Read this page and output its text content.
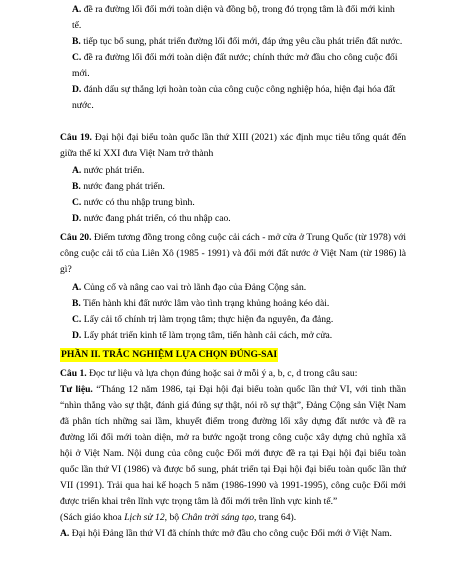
A. đề ra đường lối đổi mới toàn diện và đồng bộ, trong đó trọng tâm là đổi mới kinh tế.

B. tiếp tục bổ sung, phát triển đường lối đổi mới, đáp ứng yêu cầu phát triển đất nước.

C. đề ra đường lối đổi mới toàn diện đất nước; chính thức mở đầu cho công cuộc đổi mới.

D. đánh dấu sự thắng lợi hoàn toàn của công cuộc công nghiệp hóa, hiện đại hóa đất nước.

Câu 19. Đại hội đại biểu toàn quốc lần thứ XIII (2021) xác định mục tiêu tổng quát đến giữa thế kỉ XXI đưa Việt Nam trở thành

A. nước phát triển.

B. nước đang phát triển.

C. nước có thu nhập trung bình.

D. nước đang phát triển, có thu nhập cao.

Câu 20. Điểm tương đồng trong công cuộc cải cách - mở cửa ở Trung Quốc (từ 1978) với công cuộc cải tổ của Liên Xô (1985 - 1991) và đổi mới đất nước ở Việt Nam (từ 1986) là gì?

A. Củng cố và nâng cao vai trò lãnh đạo của Đảng Cộng sản.

B. Tiến hành khi đất nước lâm vào tình trạng khủng hoảng kéo dài.

C. Lấy cải tổ chính trị làm trọng tâm; thực hiện đa nguyên, đa đảng.

D. Lấy phát triển kinh tế làm trọng tâm, tiến hành cải cách, mở cửa.

PHẦN II. TRẮC NGHIỆM LỰA CHỌN ĐÚNG-SAI

Câu 1. Đọc tư liệu và lựa chọn đúng hoặc sai ở mỗi ý a, b, c, d trong câu sau:

Tư liệu. “Tháng 12 năm 1986, tại Đại hội đại biểu toàn quốc lần thứ VI, với tinh thần “nhìn thẳng vào sự thật, đánh giá đúng sự thật, nói rõ sự thật”, Đảng Cộng sản Việt Nam đã phân tích những sai lầm, khuyết điểm trong đường lối xây dựng đất nước và đề ra đường lối đổi mới toàn diện, mở ra bước ngoặt trong công cuộc xây dựng chủ nghĩa xã hội ở Việt Nam. Nội dung của công cuộc Đổi mới được đề ra tại Đại hội đại biểu toàn quốc lần thứ VI (1986) và được bổ sung, phát triển tại Đại hội đại biểu toàn quốc lần thứ VII (1991). Trải qua hai kế hoạch 5 năm (1986-1990 và 1991-1995), công cuộc Đổi mới được triển khai trên lĩnh vực trọng tâm là đổi mới trên lĩnh vực kinh tế.”

(Sách giáo khoa Lịch sử 12, bộ Chân trời sáng tạo, trang 64).

A. Đại hội Đảng lần thứ VI đã chính thức mở đầu cho công cuộc Đổi mới ở Việt Nam.
